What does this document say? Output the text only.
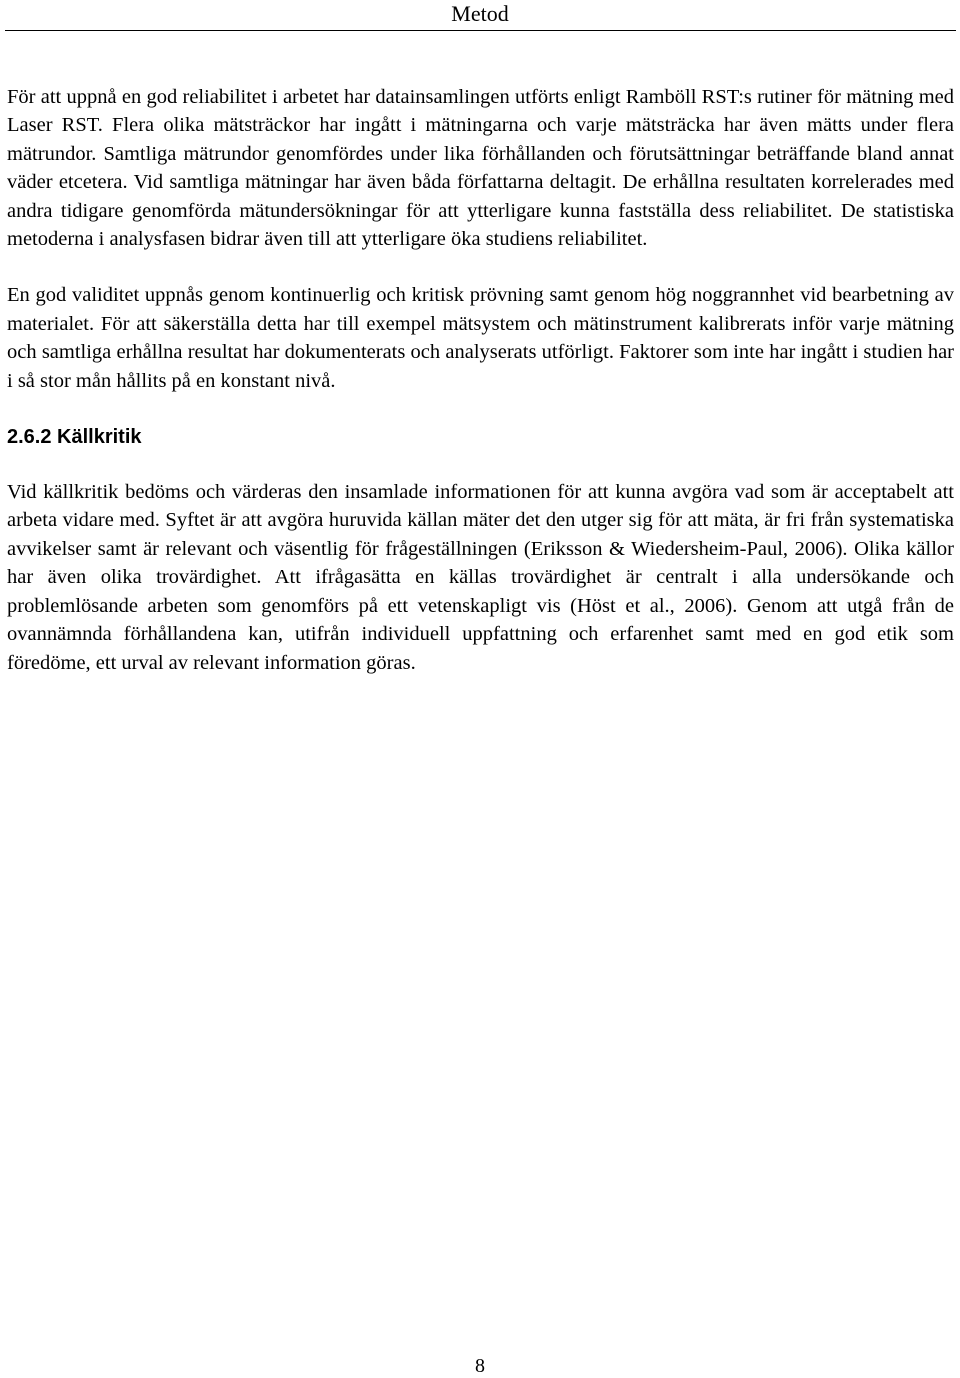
Metod

För att uppnå en god reliabilitet i arbetet har datainsamlingen utförts enligt Ramböll RST:s rutiner för mätning med Laser RST. Flera olika mätsträckor har ingått i mätningarna och varje mätsträcka har även mätts under flera mätrundor. Samtliga mätrundor genomfördes under lika förhållanden och förutsättningar beträffande bland annat väder etcetera. Vid samtliga mätningar har även båda författarna deltagit. De erhållna resultaten korrelerades med andra tidigare genomförda mätundersökningar för att ytterligare kunna fastställa dess reliabilitet. De statistiska metoderna i analysfasen bidrar även till att ytterligare öka studiens reliabilitet.

En god validitet uppnås genom kontinuerlig och kritisk prövning samt genom hög noggrannhet vid bearbetning av materialet. För att säkerställa detta har till exempel mätsystem och mätinstrument kalibrerats inför varje mätning och samtliga erhållna resultat har dokumenterats och analyserats utförligt. Faktorer som inte har ingått i studien har i så stor mån hållits på en konstant nivå.

2.6.2 Källkritik

Vid källkritik bedöms och värderas den insamlade informationen för att kunna avgöra vad som är acceptabelt att arbeta vidare med. Syftet är att avgöra huruvida källan mäter det den utger sig för att mäta, är fri från systematiska avvikelser samt är relevant och väsentlig för frågeställningen (Eriksson & Wiedersheim-Paul, 2006). Olika källor har även olika trovärdighet. Att ifrågasätta en källas trovärdighet är centralt i alla undersökande och problemlösande arbeten som genomförs på ett vetenskapligt vis (Höst et al., 2006). Genom att utgå från de ovannämnda förhållandena kan, utifrån individuell uppfattning och erfarenhet samt med en god etik som föredöme, ett urval av relevant information göras.

8
